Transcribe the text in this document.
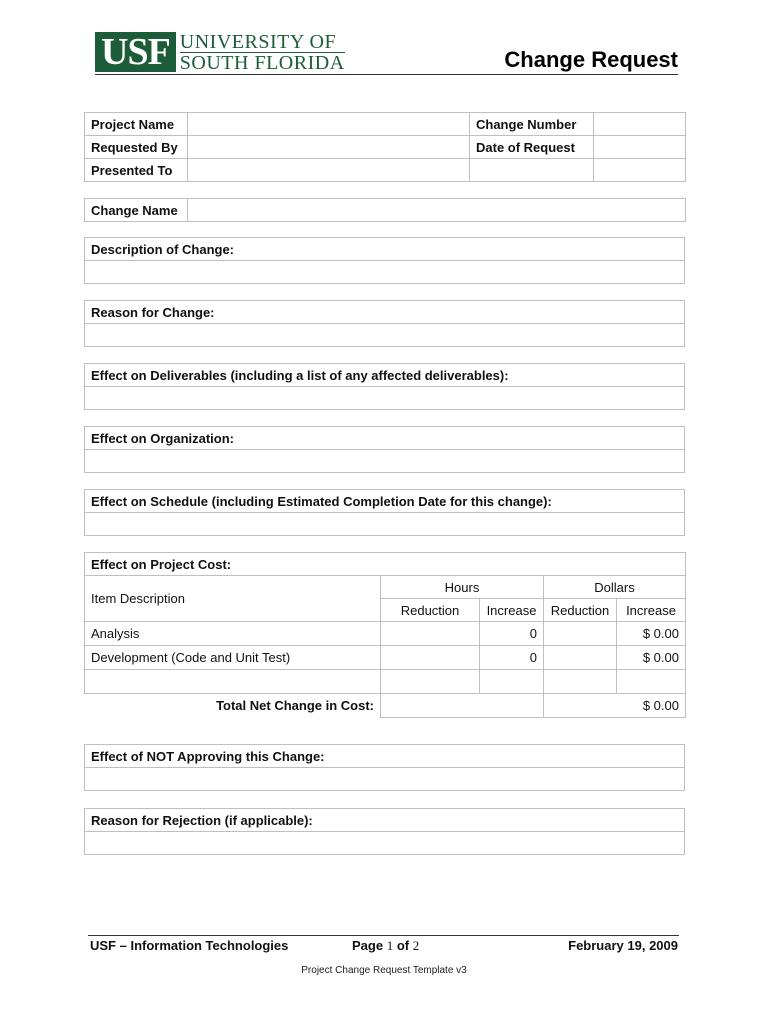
USF UNIVERSITY OF
SOUTH FLORIDA	Change Request
Project Name		Change Number	
Requested By		Date of Request	
Presented To			
Change Name	
Description of Change:

Reason for Change:

Effect on Deliverables (including a list of any affected deliverables):

Effect on Organization:

Effect on Schedule (including Estimated Completion Date for this change):

Effect on Project Cost:				
Item Description	Hours		Dollars	
	Reduction	Increase	Reduction	Increase
Analysis		0		$ 0.00
Development (Code and Unit Test)		0		$ 0.00

Total Net Change in Cost:			$ 0.00	
Effect of NOT Approving this Change:

Reason for Rejection (if applicable):

USF – Information Technologies	Page 1 of 2	February 19, 2009
Project Change Request Template v3
